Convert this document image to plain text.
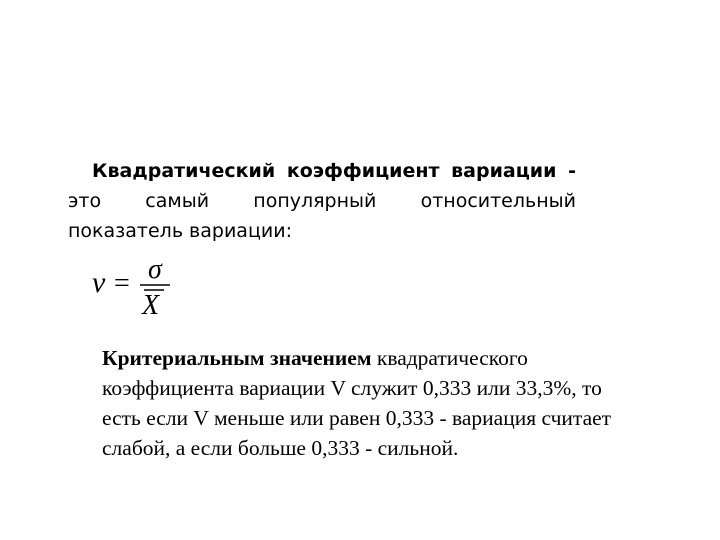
Квадратический коэффициент вариации - это самый популярный относительный показатель вариации:

ν = σ
X
Критериальным значением квадратического
коэффициента вариации V служит 0,333 или 33,3%, то
есть если V меньше или равен 0,333 - вариация считает
слабой, а если больше 0,333 - сильной.
